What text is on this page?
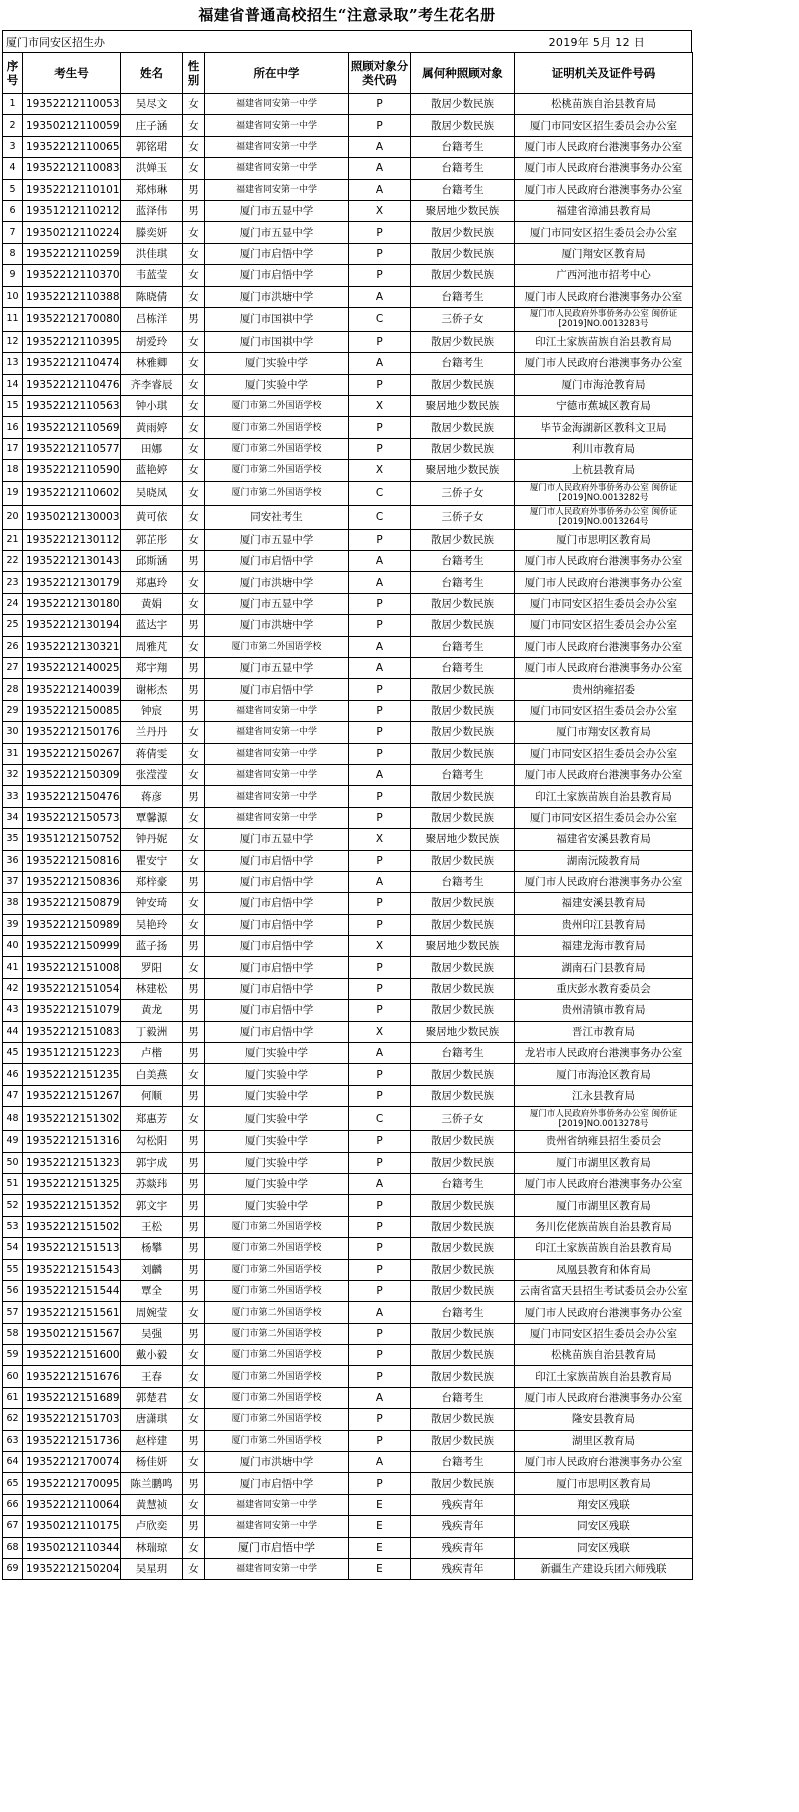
福建省普通高校招生“注意录取”考生花名册
厦门市同安区招生办	2019年 5月 12 日
序号	考生号	姓名	性别	所在中学	照顾对象分类代码	属何种照顾对象	证明机关及证件号码
1	19352212110053	吴尽文	女	福建省同安第一中学	P	散居少数民族	松桃苗族自治县教育局
2	19350212110059	庄子涵	女	福建省同安第一中学	P	散居少数民族	厦门市同安区招生委员会办公室
3	19352212110065	郭铭珺	女	福建省同安第一中学	A	台籍考生	厦门市人民政府台港澳事务办公室
4	19352212110083	洪婵玉	女	福建省同安第一中学	A	台籍考生	厦门市人民政府台港澳事务办公室
5	19352212110101	郑炜琳	男	福建省同安第一中学	A	台籍考生	厦门市人民政府台港澳事务办公室
6	19351212110212	蓝泽伟	男	厦门市五显中学	X	聚居地少数民族	福建省漳浦县教育局
7	19350212110224	滕奕妍	女	厦门市五显中学	P	散居少数民族	厦门市同安区招生委员会办公室
8	19352212110259	洪佳琪	女	厦门市启悟中学	P	散居少数民族	厦门翔安区教育局
9	19352212110370	韦蓝莹	女	厦门市启悟中学	P	散居少数民族	广西河池市招考中心
10	19352212110388	陈晓倩	女	厦门市洪塘中学	A	台籍考生	厦门市人民政府台港澳事务办公室
11	19352212170080	吕栋洋	男	厦门市国祺中学	C	三侨子女	厦门市人民政府外事侨务办公室 闽侨证[2019]NO.0013283号
12	19352212110395	胡爱玲	女	厦门市国祺中学	P	散居少数民族	印江土家族苗族自治县教育局
13	19352212110474	林雅卿	女	厦门实验中学	A	台籍考生	厦门市人民政府台港澳事务办公室
14	19352212110476	齐李睿辰	女	厦门实验中学	P	散居少数民族	厦门市海沧教育局
15	19352212110563	钟小琪	女	厦门市第二外国语学校	X	聚居地少数民族	宁德市蕉城区教育局
16	19352212110569	黄雨婷	女	厦门市第二外国语学校	P	散居少数民族	毕节金海湖新区教科文卫局
17	19352212110577	田娜	女	厦门市第二外国语学校	P	散居少数民族	利川市教育局
18	19352212110590	蓝艳婷	女	厦门市第二外国语学校	X	聚居地少数民族	上杭县教育局
19	19352212110602	吴晓凤	女	厦门市第二外国语学校	C	三侨子女	厦门市人民政府外事侨务办公室 闽侨证[2019]NO.0013282号
20	19350212130003	黄可依	女	同安社考生	C	三侨子女	厦门市人民政府外事侨务办公室 闽侨证[2019]NO.0013264号
21	19352212130112	郭芷彤	女	厦门市五显中学	P	散居少数民族	厦门市思明区教育局
22	19352212130143	邱斯涵	男	厦门市启悟中学	A	台籍考生	厦门市人民政府台港澳事务办公室
23	19352212130179	郑惠玲	女	厦门市洪塘中学	A	台籍考生	厦门市人民政府台港澳事务办公室
24	19352212130180	黄娟	女	厦门市五显中学	P	散居少数民族	厦门市同安区招生委员会办公室
25	19352212130194	蓝达宇	男	厦门市洪塘中学	P	散居少数民族	厦门市同安区招生委员会办公室
26	19352212130321	周雅芃	女	厦门市第二外国语学校	A	台籍考生	厦门市人民政府台港澳事务办公室
27	19352212140025	郑宇翔	男	厦门市五显中学	A	台籍考生	厦门市人民政府台港澳事务办公室
28	19352212140039	谢彬杰	男	厦门市启悟中学	P	散居少数民族	贵州纳雍招委
29	19352212150085	钟宸	男	福建省同安第一中学	P	散居少数民族	厦门市同安区招生委员会办公室
30	19352212150176	兰丹丹	女	福建省同安第一中学	P	散居少数民族	厦门市翔安区教育局
31	19352212150267	蒋倩雯	女	福建省同安第一中学	P	散居少数民族	厦门市同安区招生委员会办公室
32	19352212150309	张滢滢	女	福建省同安第一中学	A	台籍考生	厦门市人民政府台港澳事务办公室
33	19352212150476	蒋彦	男	福建省同安第一中学	P	散居少数民族	印江土家族苗族自治县教育局
34	19352212150573	覃馨源	女	福建省同安第一中学	P	散居少数民族	厦门市同安区招生委员会办公室
35	19351212150752	钟丹妮	女	厦门市五显中学	X	聚居地少数民族	福建省安溪县教育局
36	19352212150816	瞿安宁	女	厦门市启悟中学	P	散居少数民族	湖南沅陵教育局
37	19352212150836	郑梓豪	男	厦门市启悟中学	A	台籍考生	厦门市人民政府台港澳事务办公室
38	19352212150879	钟安琦	女	厦门市启悟中学	P	散居少数民族	福建安溪县教育局
39	19352212150989	吴艳玲	女	厦门市启悟中学	P	散居少数民族	贵州印江县教育局
40	19352212150999	蓝子扬	男	厦门市启悟中学	X	聚居地少数民族	福建龙海市教育局
41	19352212151008	罗阳	女	厦门市启悟中学	P	散居少数民族	湖南石门县教育局
42	19352212151054	林建松	男	厦门市启悟中学	P	散居少数民族	重庆彭水教育委员会
43	19352212151079	黄龙	男	厦门市启悟中学	P	散居少数民族	贵州清镇市教育局
44	19352212151083	丁毅洲	男	厦门市启悟中学	X	聚居地少数民族	晋江市教育局
45	19351212151223	卢楷	男	厦门实验中学	A	台籍考生	龙岩市人民政府台港澳事务办公室
46	19352212151235	白美燕	女	厦门实验中学	P	散居少数民族	厦门市海沧区教育局
47	19352212151267	何顺	男	厦门实验中学	P	散居少数民族	江永县教育局
48	19352212151302	郑惠芳	女	厦门实验中学	C	三侨子女	厦门市人民政府外事侨务办公室 闽侨证[2019]NO.0013278号
49	19352212151316	勾松阳	男	厦门实验中学	P	散居少数民族	贵州省纳雍县招生委员会
50	19352212151323	郭宇成	男	厦门实验中学	P	散居少数民族	厦门市湖里区教育局
51	19352212151325	苏燚玮	男	厦门实验中学	A	台籍考生	厦门市人民政府台港澳事务办公室
52	19352212151352	郭文宇	男	厦门实验中学	P	散居少数民族	厦门市湖里区教育局
53	19352212151502	王松	男	厦门市第二外国语学校	P	散居少数民族	务川仡佬族苗族自治县教育局
54	19352212151513	杨攀	男	厦门市第二外国语学校	P	散居少数民族	印江土家族苗族自治县教育局
55	19352212151543	刘麟	男	厦门市第二外国语学校	P	散居少数民族	凤凰县教育和体育局
56	19352212151544	覃全	男	厦门市第二外国语学校	P	散居少数民族	云南省富天县招生考试委员会办公室
57	19352212151561	周婉莹	女	厦门市第二外国语学校	A	台籍考生	厦门市人民政府台港澳事务办公室
58	19350212151567	吴强	男	厦门市第二外国语学校	P	散居少数民族	厦门市同安区招生委员会办公室
59	19352212151600	戴小毅	女	厦门市第二外国语学校	P	散居少数民族	松桃苗族自治县教育局
60	19352212151676	王春	女	厦门市第二外国语学校	P	散居少数民族	印江土家族苗族自治县教育局
61	19352212151689	郭楚君	女	厦门市第二外国语学校	A	台籍考生	厦门市人民政府台港澳事务办公室
62	19352212151703	唐潇琪	女	厦门市第二外国语学校	P	散居少数民族	隆安县教育局
63	19352212151736	赵梓建	男	厦门市第二外国语学校	P	散居少数民族	湖里区教育局
64	19352212170074	杨佳妍	女	厦门市洪塘中学	A	台籍考生	厦门市人民政府台港澳事务办公室
65	19352212170095	陈兰鹏鸣	男	厦门市启悟中学	P	散居少数民族	厦门市思明区教育局
66	19352212110064	黄慧祯	女	福建省同安第一中学	E	残疾青年	翔安区残联
67	19350212110175	卢欣奕	男	福建省同安第一中学	E	残疾青年	同安区残联
68	19350212110344	林瑞琼	女	厦门市启悟中学	E	残疾青年	同安区残联
69	19352212150204	吴星玥	女	福建省同安第一中学	E	残疾青年	新疆生产建设兵团六师残联
